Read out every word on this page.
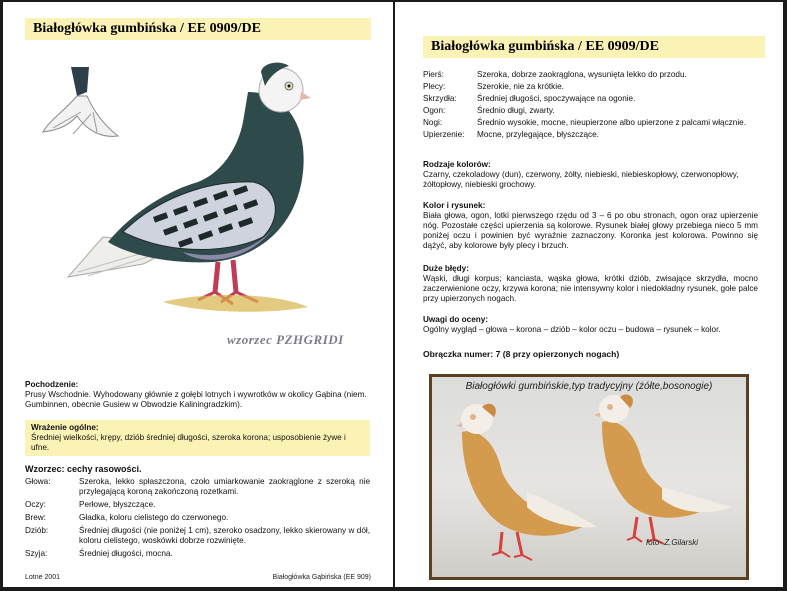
Białogłówka gumbińska / EE 0909/DE
wzorzec PZHGRIDI
Pochodzenie:
Prusy Wschodnie. Wyhodowany głównie z gołębi lotnych i wywrotków w okolicy Gąbina (niem. Gumbinnen, obecnie Gusiew w Obwodzie Kaliningradzkim).
Wrażenie ogólne:
Średniej wielkości, krępy, dziób średniej długości, szeroka korona; usposobienie żywe i ufne.
Wzorzec: cechy rasowości.
Głowa:	Szeroka, lekko spłaszczona, czoło umiarkowanie zaokrąglone z szeroką nie przylegającą koroną zakończoną rozetkami.
Oczy:	Perłowe, błyszczące.
Brew:	Gładka, koloru cielistego do czerwonego.
Dziób:	Średniej długości (nie poniżej 1 cm), szeroko osadzony, lekko skierowany w dół, koloru cielistego, woskówki dobrze rozwinięte.
Szyja:	Średniej długości, mocna.
Lotne 2001	Białogłówka Gąbińska (EE 909)
Białogłówka gumbińska / EE 0909/DE
Pierś:	Szeroka, dobrze zaokrąglona, wysunięta lekko do przodu.
Plecy:	Szerokie, nie za krótkie.
Skrzydła:	Średniej długości, spoczywające na ogonie.
Ogon:	Średnio długi, zwarty.
Nogi:	Średnio wysokie, mocne, nieupierzone albo upierzone z palcami włącznie.
Upierzenie:	Mocne, przylegające, błyszczące.
Rodzaje kolorów:
Czarny, czekoladowy (dun), czerwony, żółty, niebieski, niebieskopłowy, czerwonopłowy, żółtopłowy, niebieski grochowy.
Kolor i rysunek:
Biała głowa, ogon, lotki pierwszego rzędu od 3 – 6 po obu stronach, ogon oraz upierzenie nóg. Pozostałe części upierzenia są kolorowe. Rysunek białej głowy przebiega nieco 5 mm poniżej oczu i powinien być wyraźnie zaznaczony. Koronka jest kolorowa. Powinno się dążyć, aby kolorowe były plecy i brzuch.
Duże błędy:
Wąski, długi korpus; kanciasta, wąska głowa, krótki dziób, zwisające skrzydła, mocno zaczerwienione oczy, krzywa korona; nie intensywny kolor i niedokładny rysunek, gołe palce przy upierzonych nogach.
Uwagi do oceny:
Ogólny wygląd – głowa – korona – dziób – kolor oczu – budowa – rysunek – kolor.
Obrączka numer: 7 (8 przy opierzonych nogach)
Białogłówki gumbińskie,typ tradycyjny (żółte,bosonogie)
foto- Z.Gilarski
